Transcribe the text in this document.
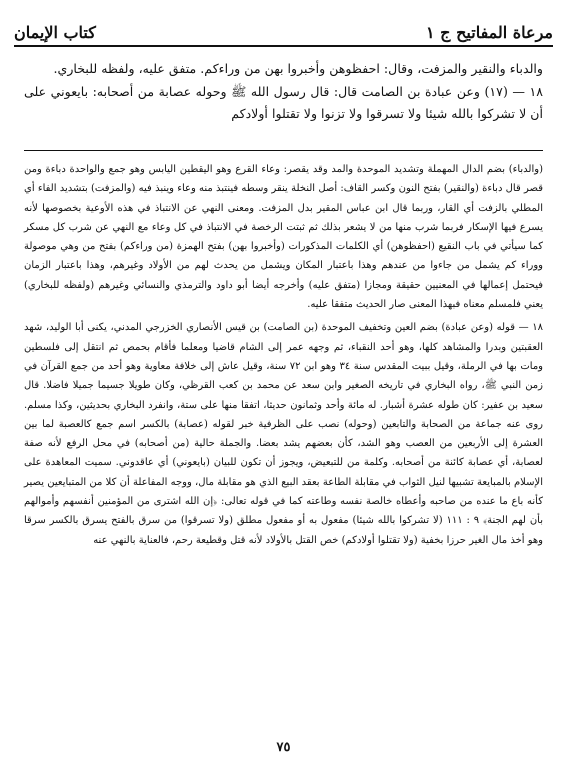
مرعاة المفاتيح ج ١
كتاب الإيمان

والدباء والنقير والمزفت، وقال: احفظوهن وأخبروا بهن من وراءكم. متفق عليه، ولفظه للبخاري.

١٨ — (١٧) وعن عبادة بن الصامت قال: قال رسول الله ﷺ وحوله عصابة من أصحابه: بايعوني على أن لا تشركوا بالله شيئا ولا تسرقوا ولا تزنوا ولا تقتلوا أولادكم

(والدباء) بضم الدال المهملة وتشديد الموحدة والمد وقد يقصر: وعاء القرع وهو اليقطين اليابس وهو جمع والواحدة دباءة ومن قصر قال دباءة (والنقير) بفتح النون وكسر القاف: أصل النخلة ينقر وسطه فينتبذ منه وعاء وينبذ فيه (والمزفت) بتشديد الفاء أي المطلي بالزفت أي القار، وربما قال ابن عباس المقير بدل المزفت. ومعنى النهي عن الانتباذ في هذه الأوعية بخصوصها لأنه يسرع فيها الإسكار فربما شرب منها من لا يشعر بذلك ثم ثبتت الرخصة في الانتباذ في كل وعاء مع النهي عن شرب كل مسكر كما سيأتي في باب النقيع (احفظوهن) أي الكلمات المذكورات (وأخبروا بهن) بفتح الهمزة (من وراءكم) بفتح من وهي موصولة ووراء كم يشمل من جاءوا من عندهم وهذا باعتبار المكان ويشمل من يحدث لهم من الأولاد وغيرهم، وهذا باعتبار الزمان فيحتمل إعمالها في المعنيين حقيقة ومجازا (متفق عليه) وأخرجه أيضا أبو داود والترمذي والنسائي وغيرهم (ولفظه للبخاري) يعني فلمسلم معناه فبهذا المعنى صار الحديث متفقا عليه.

١٨ — قوله (وعن عبادة) بضم العين وتخفيف الموحدة (بن الصامت) بن قيس الأنصاري الخزرجي المدني، يكنى أبا الوليد، شهد العقبتين وبدرا والمشاهد كلها، وهو أحد النقباء، ثم وجهه عمر إلى الشام قاضيا ومعلما فأقام بحمص ثم انتقل إلى فلسطين ومات بها في الرملة، وقيل ببيت المقدس سنة ٣٤ وهو ابن ٧٢ سنة، وقيل عاش إلى خلافة معاوية وهو أحد من جمع القرآن في زمن النبي ﷺ، رواه البخاري في تاريخه الصغير وابن سعد عن محمد بن كعب القرظي، وكان طويلا جسيما جميلا فاضلا. قال سعيد بن عفير: كان طوله عشرة أشبار. له مائة وأحد وثمانون حديثا، اتفقا منها على ستة، وانفرد البخاري بحديثين، وكذا مسلم. روى عنه جماعة من الصحابة والتابعين (وحوله) نصب على الظرفية خبر لقوله (عصابة) بالكسر اسم جمع كالعصبة لما بين العشرة إلى الأربعين من العصب وهو الشد، كأن بعضهم يشد بعضا. والجملة حالية (من أصحابه) في محل الرفع لأنه صفة لعصابة، أي عصابة كائنة من أصحابه. وكلمة من للتبعيض، ويجوز أن تكون للبيان (بايعوني) أي عاقدوني. سميت المعاهدة على الإسلام بالمبايعة تشبيها لنيل الثواب في مقابلة الطاعة بعقد البيع الذي هو مقابلة مال، ووجه المفاعلة أن كلا من المتبايعين يصير كأنه باع ما عنده من صاحبه وأعطاه خالصة نفسه وطاعته كما في قوله تعالى: ﴿إن الله اشترى من المؤمنين أنفسهم وأموالهم بأن لهم الجنة﴾ ٩ : ١١١ (لا تشركوا بالله شيئا) مفعول به أو مفعول مطلق (ولا تسرقوا) من سرق بالفتح يسرق بالكسر سرقا وهو أخذ مال الغير حرزا بخفية (ولا تقتلوا أولادكم) خص القتل بالأولاد لأنه قتل وقطيعة رحم، فالعناية بالنهي عنه

٧٥
